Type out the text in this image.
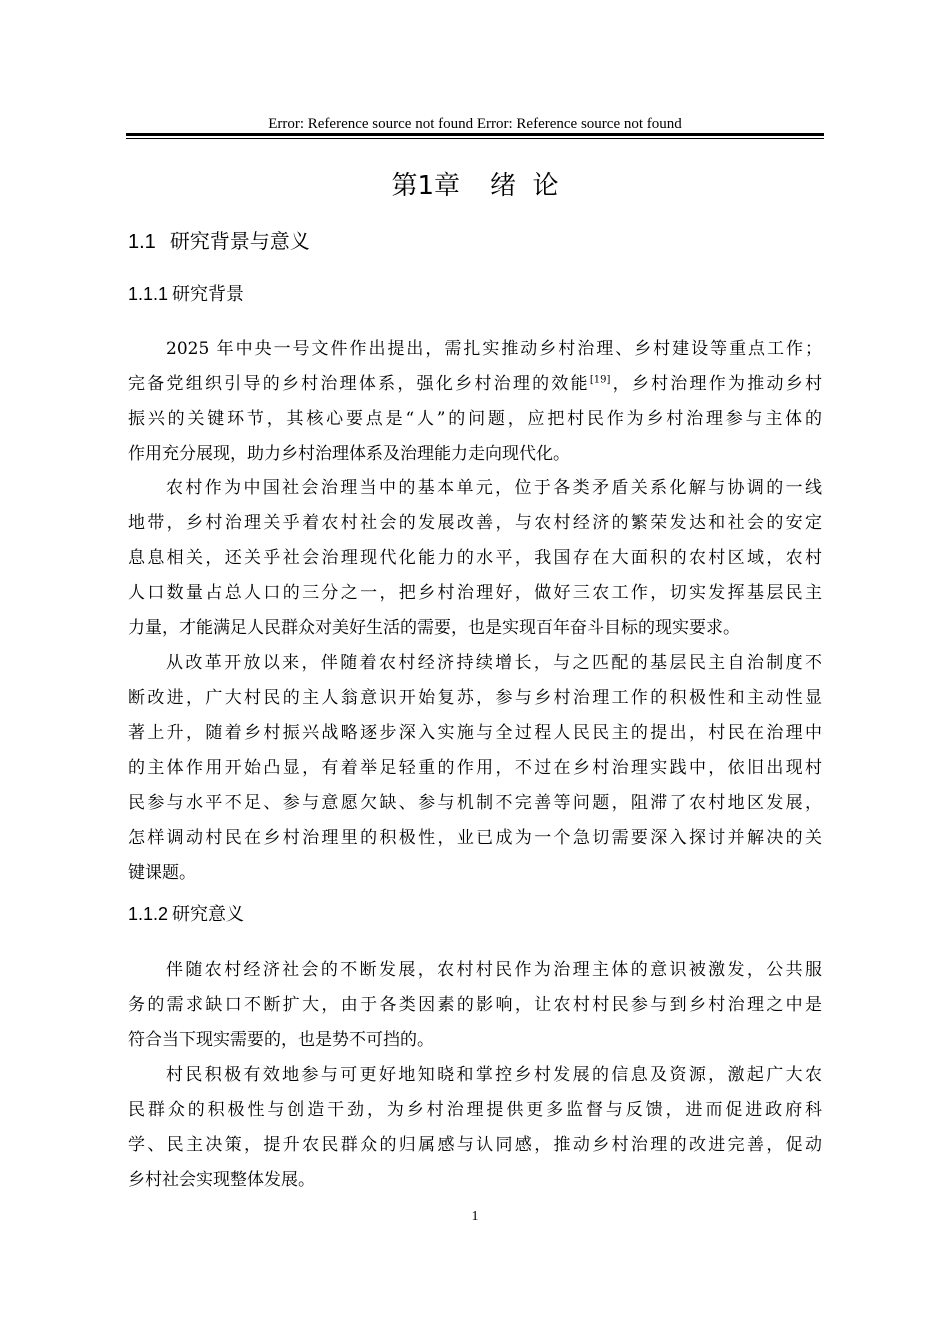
Error: Reference source not found Error: Reference source not found
第1章 绪  论
1.1 研究背景与意义
1.1.1 研究背景
2025 年中央一号文件作出提出，需扎实推动乡村治理、乡村建设等重点工作；
完备党组织引导的乡村治理体系，强化乡村治理的效能[19]，乡村治理作为推动乡村
振兴的关键环节，其核心要点是“人”的问题，应把村民作为乡村治理参与主体的
作用充分展现，助力乡村治理体系及治理能力走向现代化。
农村作为中国社会治理当中的基本单元，位于各类矛盾关系化解与协调的一线
地带，乡村治理关乎着农村社会的发展改善，与农村经济的繁荣发达和社会的安定
息息相关，还关乎社会治理现代化能力的水平，我国存在大面积的农村区域，农村
人口数量占总人口的三分之一，把乡村治理好，做好三农工作，切实发挥基层民主
力量，才能满足人民群众对美好生活的需要，也是实现百年奋斗目标的现实要求。
从改革开放以来，伴随着农村经济持续增长，与之匹配的基层民主自治制度不
断改进，广大村民的主人翁意识开始复苏，参与乡村治理工作的积极性和主动性显
著上升，随着乡村振兴战略逐步深入实施与全过程人民民主的提出，村民在治理中
的主体作用开始凸显，有着举足轻重的作用，不过在乡村治理实践中，依旧出现村
民参与水平不足、参与意愿欠缺、参与机制不完善等问题，阻滞了农村地区发展，
怎样调动村民在乡村治理里的积极性，业已成为一个急切需要深入探讨并解决的关
键课题。
1.1.2 研究意义
伴随农村经济社会的不断发展，农村村民作为治理主体的意识被激发，公共服
务的需求缺口不断扩大，由于各类因素的影响，让农村村民参与到乡村治理之中是
符合当下现实需要的，也是势不可挡的。
村民积极有效地参与可更好地知晓和掌控乡村发展的信息及资源，激起广大农
民群众的积极性与创造干劲，为乡村治理提供更多监督与反馈，进而促进政府科
学、民主决策，提升农民群众的归属感与认同感，推动乡村治理的改进完善，促动
乡村社会实现整体发展。
1
